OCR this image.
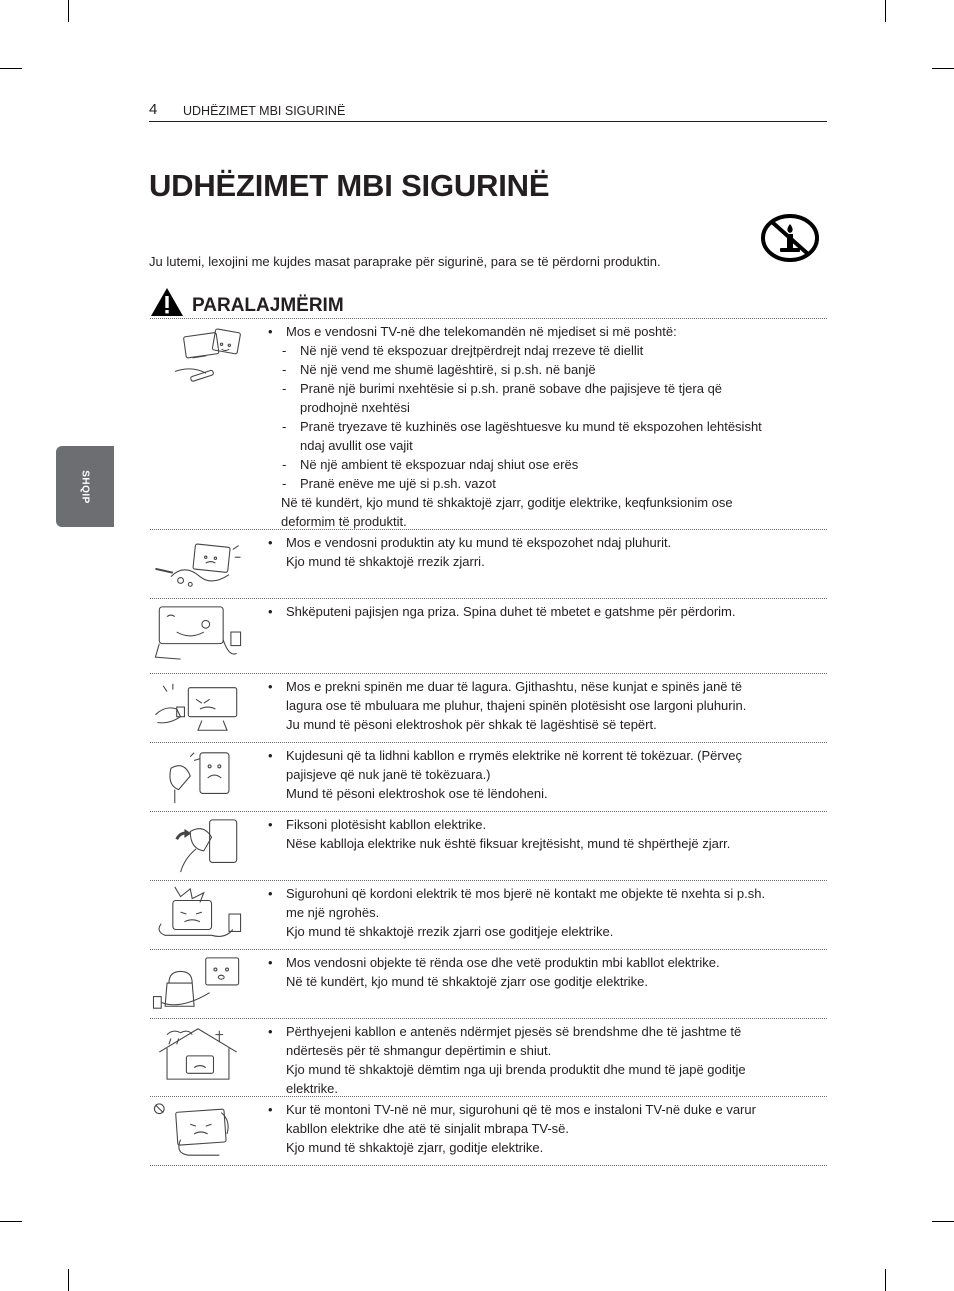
4 UDHËZIMET MBI SIGURINË
UDHËZIMET MBI SIGURINË
Ju lutemi, lexojini me kujdes masat paraprake për sigurinë, para se të përdorni produktin.
PARALAJMËRIM
SHQIP
• Mos e vendosni TV-në dhe telekomandën në mjediset si më poshtë:
- Në një vend të ekspozuar drejtpërdrejt ndaj rrezeve të diellit
- Në një vend me shumë lagështirë, si p.sh. në banjë
- Pranë një burimi nxehtësie si p.sh. pranë sobave dhe pajisjeve të tjera që
prodhojnë nxehtësi
- Pranë tryezave të kuzhinës ose lagështuesve ku mund të ekspozohen lehtësisht
ndaj avullit ose vajit
- Në një ambient të ekspozuar ndaj shiut ose erës
- Pranë enëve me ujë si p.sh. vazot
Në të kundërt, kjo mund të shkaktojë zjarr, goditje elektrike, keqfunksionim ose
deformim të produktit.
• Mos e vendosni produktin aty ku mund të ekspozohet ndaj pluhurit.
Kjo mund të shkaktojë rrezik zjarri.
• Shkëputeni pajisjen nga priza. Spina duhet të mbetet e gatshme për përdorim.
• Mos e prekni spinën me duar të lagura. Gjithashtu, nëse kunjat e spinës janë të
lagura ose të mbuluara me pluhur, thajeni spinën plotësisht ose largoni pluhurin.
Ju mund të pësoni elektroshok për shkak të lagështisë së tepërt.
• Kujdesuni që ta lidhni kabllon e rrymës elektrike në korrent të tokëzuar. (Përveç
pajisjeve që nuk janë të tokëzuara.)
Mund të pësoni elektroshok ose të lëndoheni.
• Fiksoni plotësisht kabllon elektrike.
Nëse kablloja elektrike nuk është fiksuar krejtësisht, mund të shpërthejë zjarr.
• Sigurohuni që kordoni elektrik të mos bjerë në kontakt me objekte të nxehta si p.sh.
me një ngrohës.
Kjo mund të shkaktojë rrezik zjarri ose goditjeje elektrike.
• Mos vendosni objekte të rënda ose dhe vetë produktin mbi kabllot elektrike.
Në të kundërt, kjo mund të shkaktojë zjarr ose goditje elektrike.
• Përthyejeni kabllon e antenës ndërmjet pjesës së brendshme dhe të jashtme të
ndërtesës për të shmangur depërtimin e shiut.
Kjo mund të shkaktojë dëmtim nga uji brenda produktit dhe mund të japë goditje
elektrike.
• Kur të montoni TV-në në mur, sigurohuni që të mos e instaloni TV-në duke e varur
kabllon elektrike dhe atë të sinjalit mbrapa TV-së.
Kjo mund të shkaktojë zjarr, goditje elektrike.
